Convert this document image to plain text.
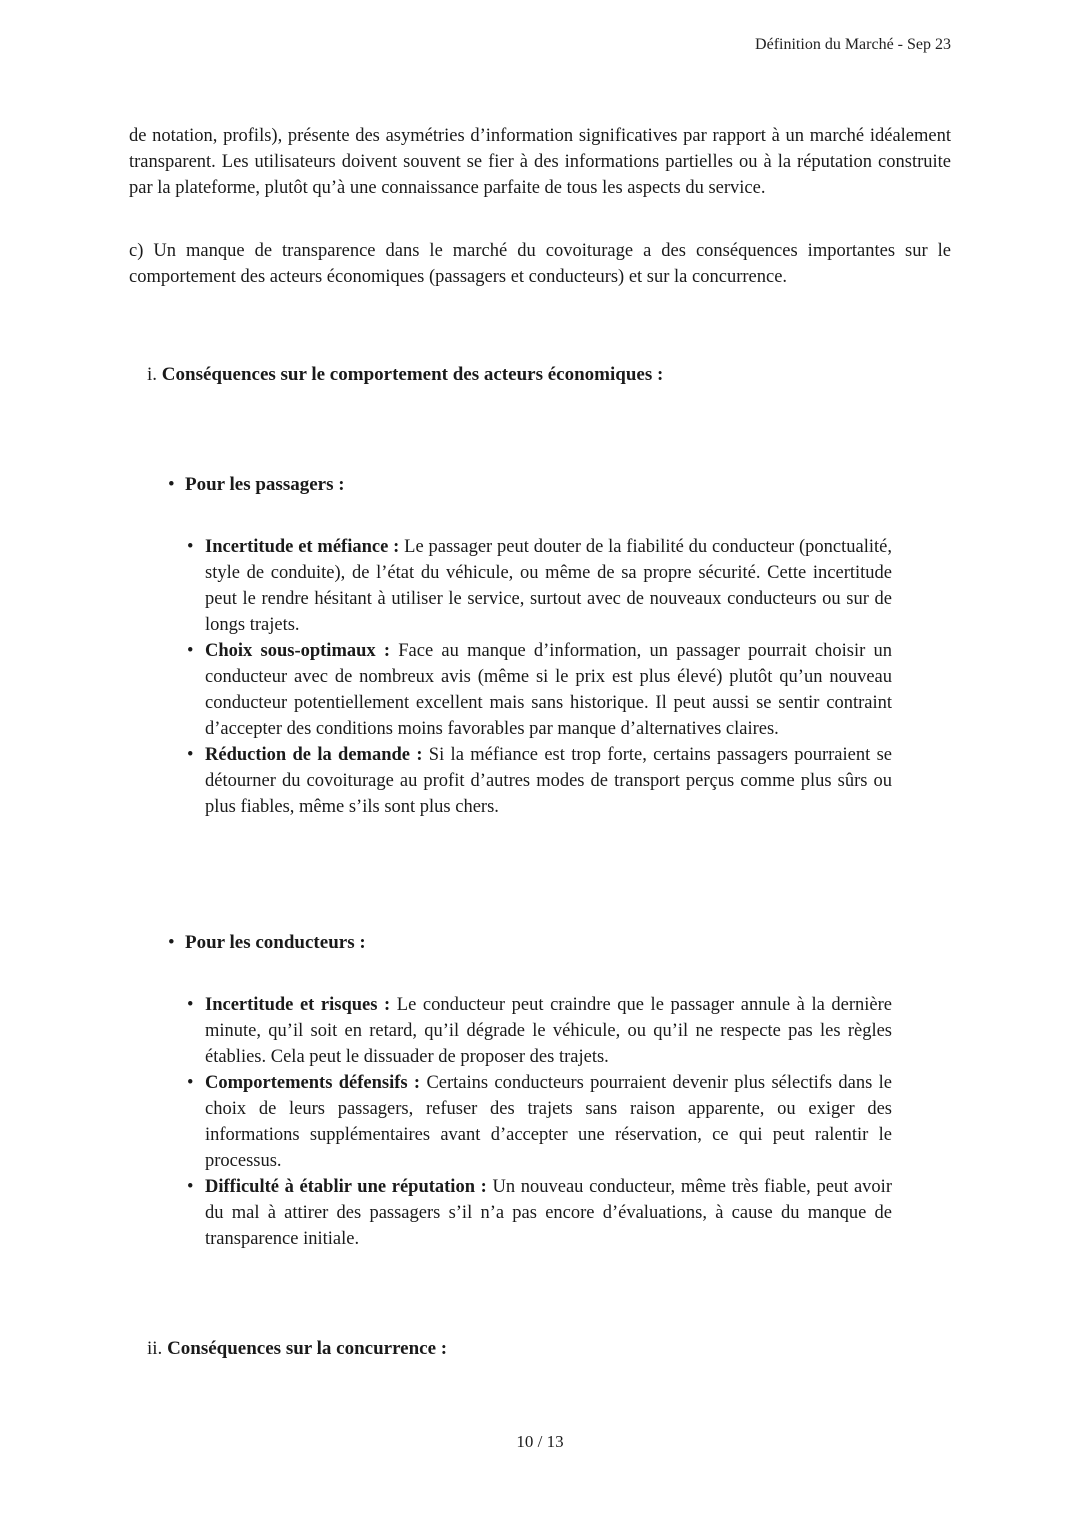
Définition du Marché - Sep 23

de notation, profils), présente des asymétries d’information significatives par rapport à un marché idéalement transparent. Les utilisateurs doivent souvent se fier à des informations partielles ou à la réputation construite par la plateforme, plutôt qu’à une connaissance parfaite de tous les aspects du service.

c) Un manque de transparence dans le marché du covoiturage a des conséquences importantes sur le comportement des acteurs économiques (passagers et conducteurs) et sur la concurrence.

i. Conséquences sur le comportement des acteurs économiques :

• Pour les passagers :

• Incertitude et méfiance : Le passager peut douter de la fiabilité du conducteur (ponctualité, style de conduite), de l’état du véhicule, ou même de sa propre sécurité. Cette incertitude peut le rendre hésitant à utiliser le service, surtout avec de nouveaux conducteurs ou sur de longs trajets.
• Choix sous-optimaux : Face au manque d’information, un passager pourrait choisir un conducteur avec de nombreux avis (même si le prix est plus élevé) plutôt qu’un nouveau conducteur potentiellement excellent mais sans historique. Il peut aussi se sentir contraint d’accepter des conditions moins favorables par manque d’alternatives claires.
• Réduction de la demande : Si la méfiance est trop forte, certains passagers pourraient se détourner du covoiturage au profit d’autres modes de transport perçus comme plus sûrs ou plus fiables, même s’ils sont plus chers.

• Pour les conducteurs :

• Incertitude et risques : Le conducteur peut craindre que le passager annule à la dernière minute, qu’il soit en retard, qu’il dégrade le véhicule, ou qu’il ne respecte pas les règles établies. Cela peut le dissuader de proposer des trajets.
• Comportements défensifs : Certains conducteurs pourraient devenir plus sélectifs dans le choix de leurs passagers, refuser des trajets sans raison apparente, ou exiger des informations supplémentaires avant d’accepter une réservation, ce qui peut ralentir le processus.
• Difficulté à établir une réputation : Un nouveau conducteur, même très fiable, peut avoir du mal à attirer des passagers s’il n’a pas encore d’évaluations, à cause du manque de transparence initiale.

ii. Conséquences sur la concurrence :

10 / 13
